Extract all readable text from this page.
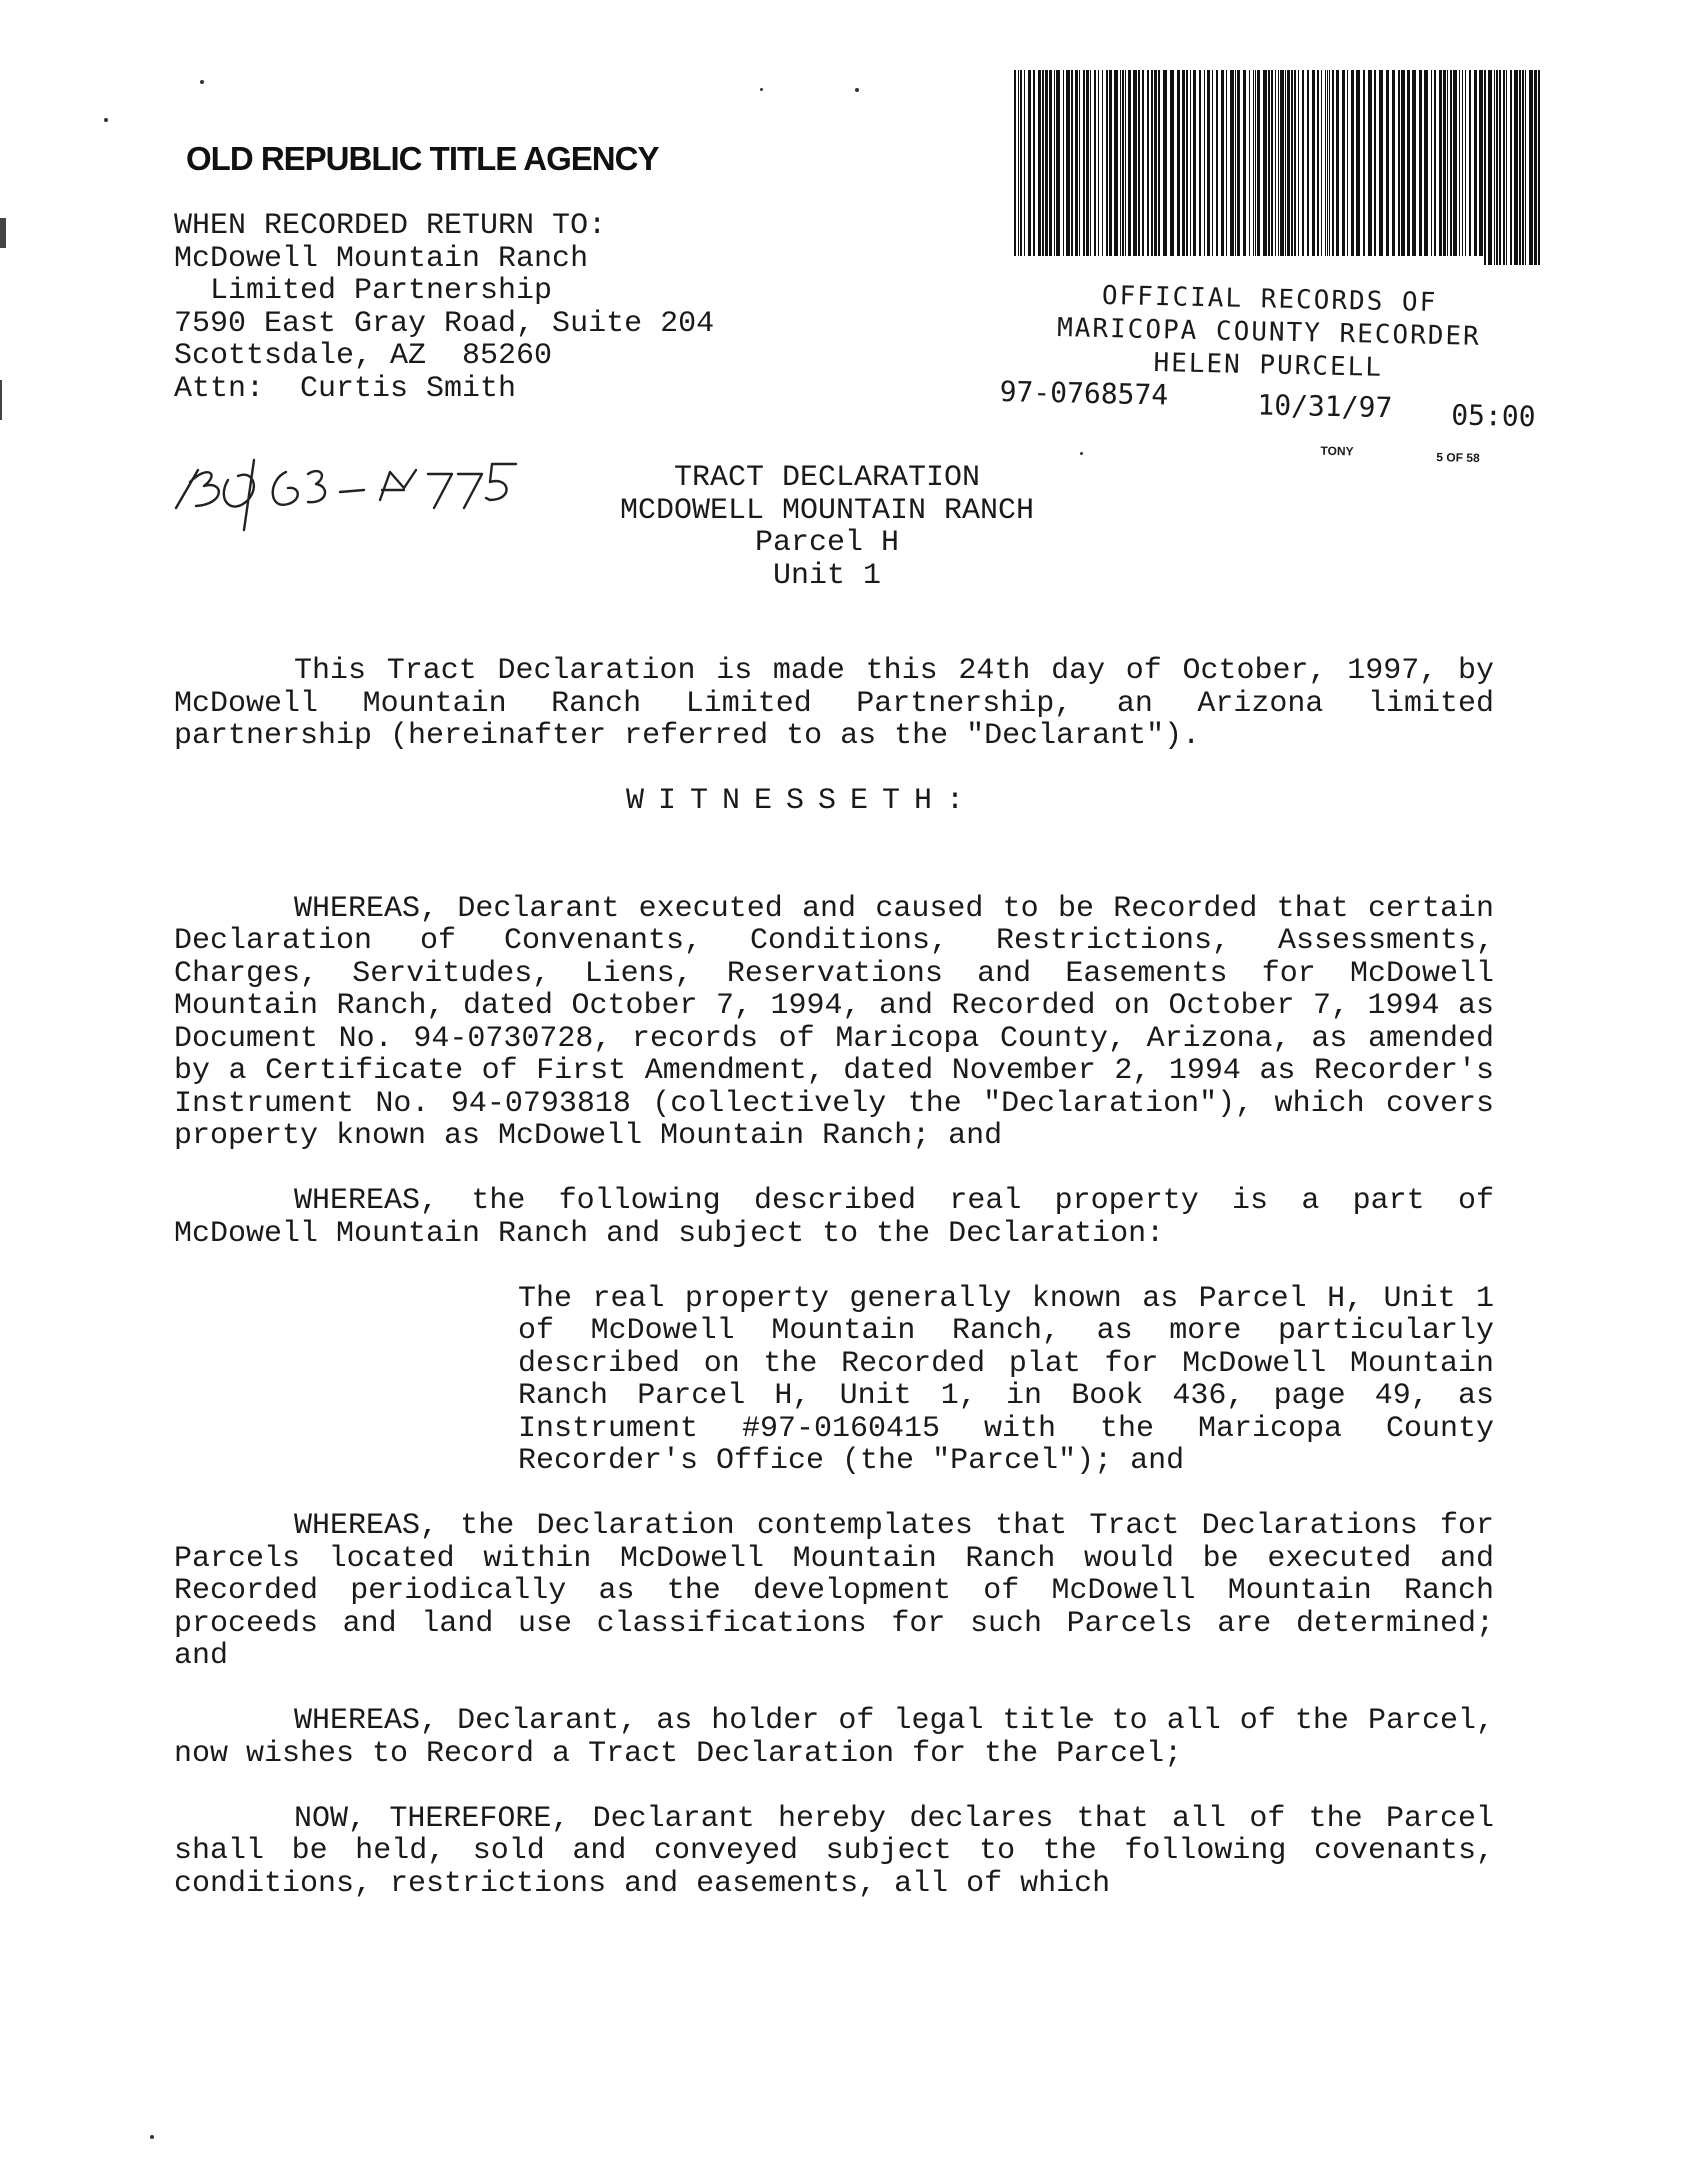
OLD REPUBLIC TITLE AGENCY
WHEN RECORDED RETURN TO:
McDowell Mountain Ranch
Limited Partnership
7590 East Gray Road, Suite 204
Scottsdale, AZ  85260
Attn:  Curtis Smith
OFFICIAL RECORDS OF
MARICOPA COUNTY RECORDER
HELEN PURCELL
97-0768574	10/31/97 05:00
TONY	5 OF 58
TRACT DECLARATION
MCDOWELL MOUNTAIN RANCH
Parcel H
Unit 1

This Tract Declaration is made this 24th day of October, 1997, by McDowell Mountain Ranch Limited Partnership, an Arizona limited partnership (hereinafter referred to as the "Declarant").

WITNESSETH:

WHEREAS, Declarant executed and caused to be Recorded that certain Declaration of Convenants, Conditions, Restrictions, Assessments, Charges, Servitudes, Liens, Reservations and Easements for McDowell Mountain Ranch, dated October 7, 1994, and Recorded on October 7, 1994 as Document No. 94-0730728, records of Maricopa County, Arizona, as amended by a Certificate of First Amendment, dated November 2, 1994 as Recorder's Instrument No. 94-0793818 (collectively the "Declaration"), which covers property known as McDowell Mountain Ranch; and

WHEREAS, the following described real property is a part of McDowell Mountain Ranch and subject to the Declaration:

The real property generally known as Parcel H, Unit 1 of McDowell Mountain Ranch, as more particularly described on the Recorded plat for McDowell Mountain Ranch Parcel H, Unit 1, in Book 436, page 49, as Instrument #97-0160415 with the Maricopa County Recorder's Office (the "Parcel"); and

WHEREAS, the Declaration contemplates that Tract Declarations for Parcels located within McDowell Mountain Ranch would be executed and Recorded periodically as the development of McDowell Mountain Ranch proceeds and land use classifications for such Parcels are determined; and

WHEREAS, Declarant, as holder of legal title to all of the Parcel, now wishes to Record a Tract Declaration for the Parcel;

NOW, THEREFORE, Declarant hereby declares that all of the Parcel shall be held, sold and conveyed subject to the following covenants, conditions, restrictions and easements, all of which
